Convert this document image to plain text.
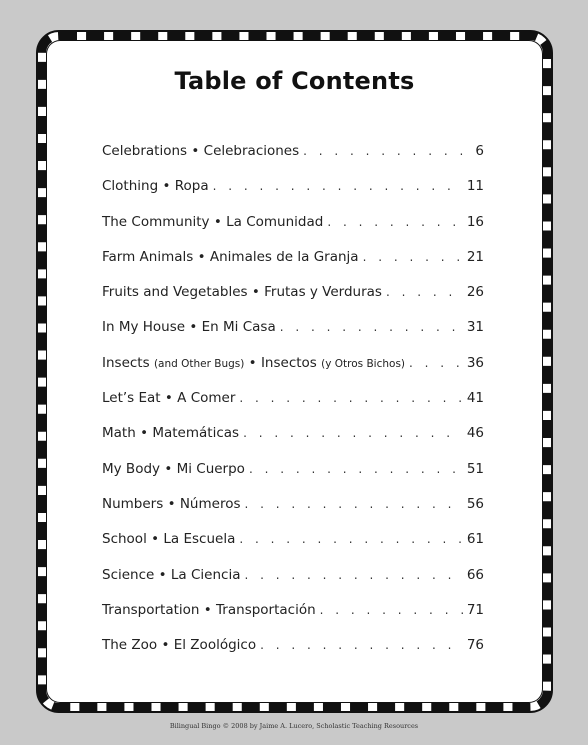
Table of Contents
Celebrations • Celebraciones . . .	6
Clothing • Ropa . . .	11
The Community • La Comunidad . . .	16
Farm Animals • Animales de la Granja . . .	21
Fruits and Vegetables • Frutas y Verduras . . .	26
In My House • En Mi Casa . . .	31
Insects (and Other Bugs) • Insectos (y Otros Bichos) . . .	36
Let’s Eat • A Comer . . .	41
Math • Matemáticas . . .	46
My Body • Mi Cuerpo . . .	51
Numbers • Números . . .	56
School • La Escuela . . .	61
Science • La Ciencia . . .	66
Transportation • Transportación . . .	71
The Zoo • El Zoológico . . .	76
Bilingual Bingo © 2008 by Jaime A. Lucero, Scholastic Teaching Resources
